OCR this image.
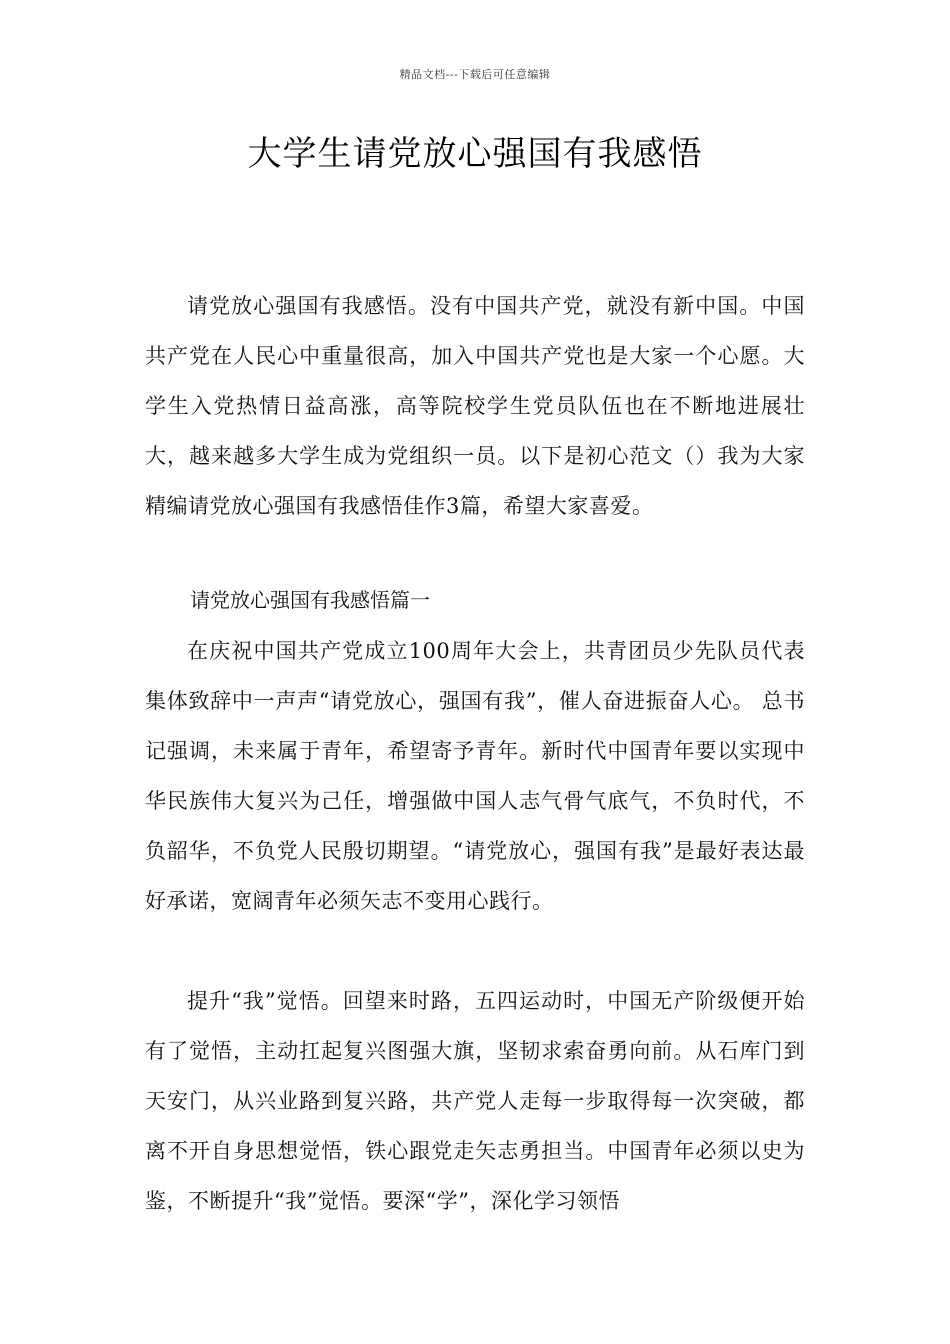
精品文档---下载后可任意编辑
大学生请党放心强国有我感悟

请党放心强国有我感悟。没有中国共产党，就没有新中国。中国共产党在人民心中重量很高，加入中国共产党也是大家一个心愿。大学生入党热情日益高涨，高等院校学生党员队伍也在不断地进展壮大，越来越多大学生成为党组织一员。以下是初心范文（）我为大家精编请党放心强国有我感悟佳作3篇，希望大家喜爱。

请党放心强国有我感悟篇一

在庆祝中国共产党成立100周年大会上，共青团员少先队员代表集体致辞中一声声“请党放心，强国有我”，催人奋进振奋人心。 总书记强调，未来属于青年，希望寄予青年。新时代中国青年要以实现中华民族伟大复兴为己任，增强做中国人志气骨气底气，不负时代，不负韶华，不负党人民殷切期望。“请党放心，强国有我”是最好表达最好承诺，宽阔青年必须矢志不变用心践行。

提升“我”觉悟。回望来时路，五四运动时，中国无产阶级便开始有了觉悟，主动扛起复兴图强大旗，坚韧求索奋勇向前。从石库门到天安门，从兴业路到复兴路，共产党人走每一步取得每一次突破，都离不开自身思想觉悟，铁心跟党走矢志勇担当。中国青年必须以史为鉴，不断提升“我”觉悟。要深“学”，深化学习领悟
